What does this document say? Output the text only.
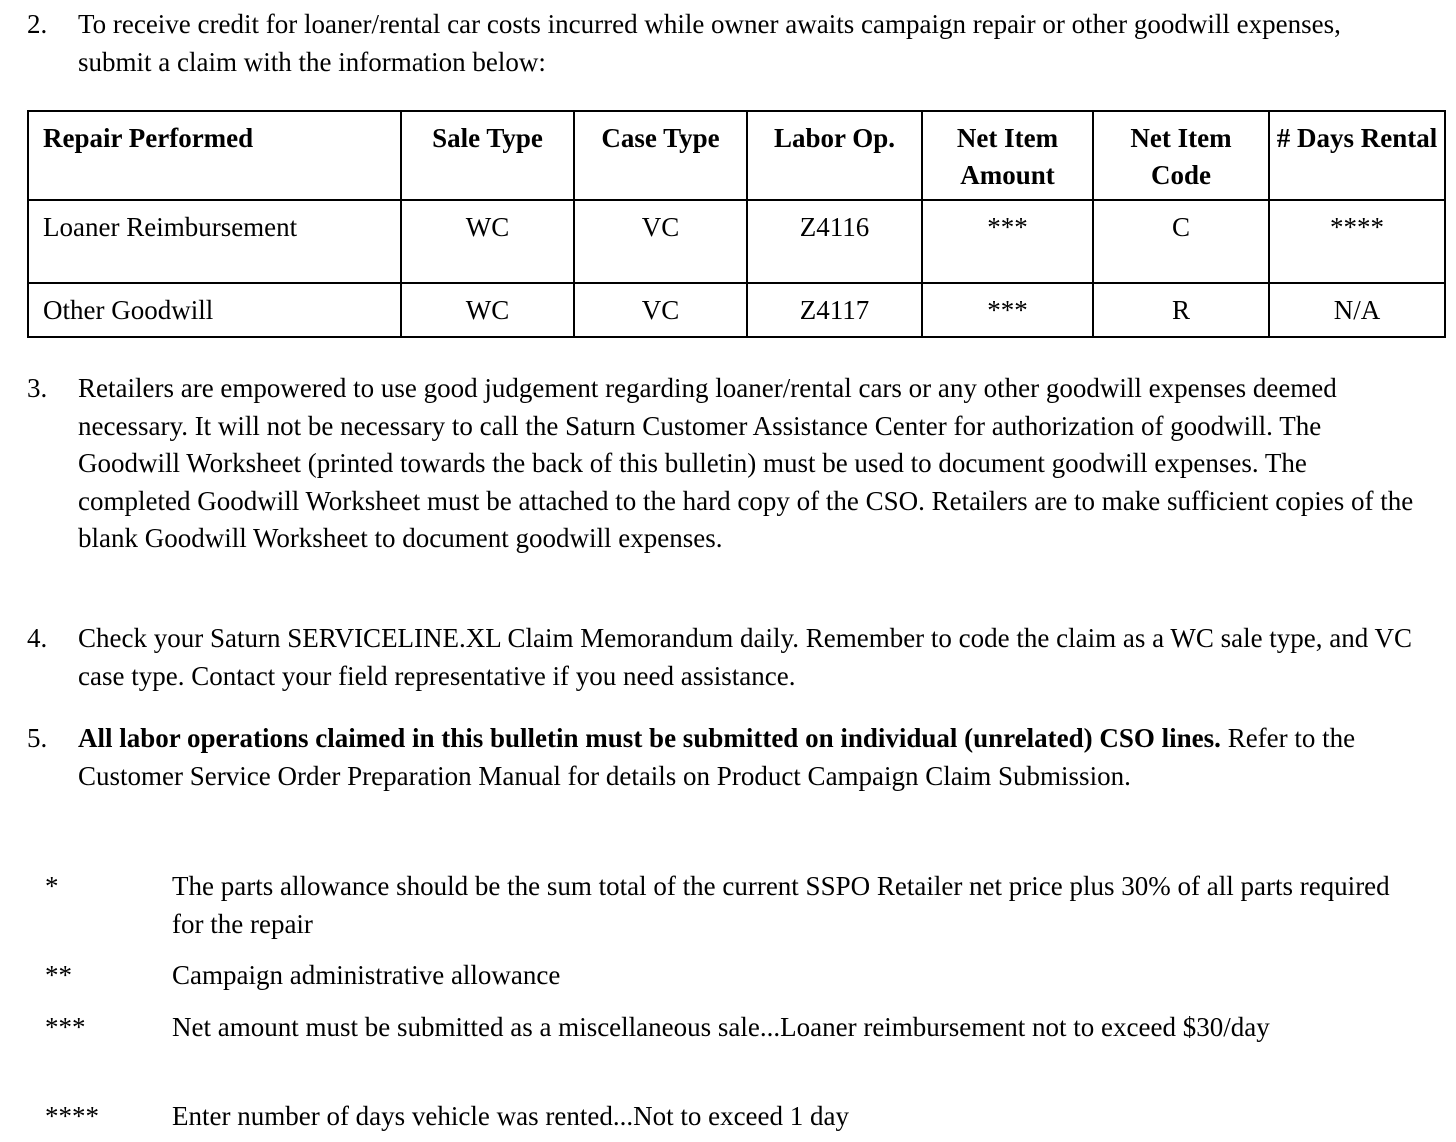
2. To receive credit for loaner/rental car costs incurred while owner awaits campaign repair or other goodwill expenses, submit a claim with the information below:
Repair Performed	Sale Type	Case Type	Labor Op.	Net Item Amount	Net Item Code	# Days Rental
Loaner Reimbursement	WC	VC	Z4116	***	C	****
Other Goodwill	WC	VC	Z4117	***	R	N/A
3. Retailers are empowered to use good judgement regarding loaner/rental cars or any other goodwill expenses deemed necessary. It will not be necessary to call the Saturn Customer Assistance Center for authorization of goodwill. The Goodwill Worksheet (printed towards the back of this bulletin) must be used to document goodwill expenses. The completed Goodwill Worksheet must be attached to the hard copy of the CSO. Retailers are to make sufficient copies of the blank Goodwill Worksheet to document goodwill expenses.
4. Check your Saturn SERVICELINE.XL Claim Memorandum daily. Remember to code the claim as a WC sale type, and VC case type. Contact your field representative if you need assistance.
5. All labor operations claimed in this bulletin must be submitted on individual (unrelated) CSO lines. Refer to the Customer Service Order Preparation Manual for details on Product Campaign Claim Submission.
*	The parts allowance should be the sum total of the current SSPO Retailer net price plus 30% of all parts required for the repair
**	Campaign administrative allowance
***	Net amount must be submitted as a miscellaneous sale...Loaner reimbursement not to exceed $30/day
****	Enter number of days vehicle was rented...Not to exceed 1 day
